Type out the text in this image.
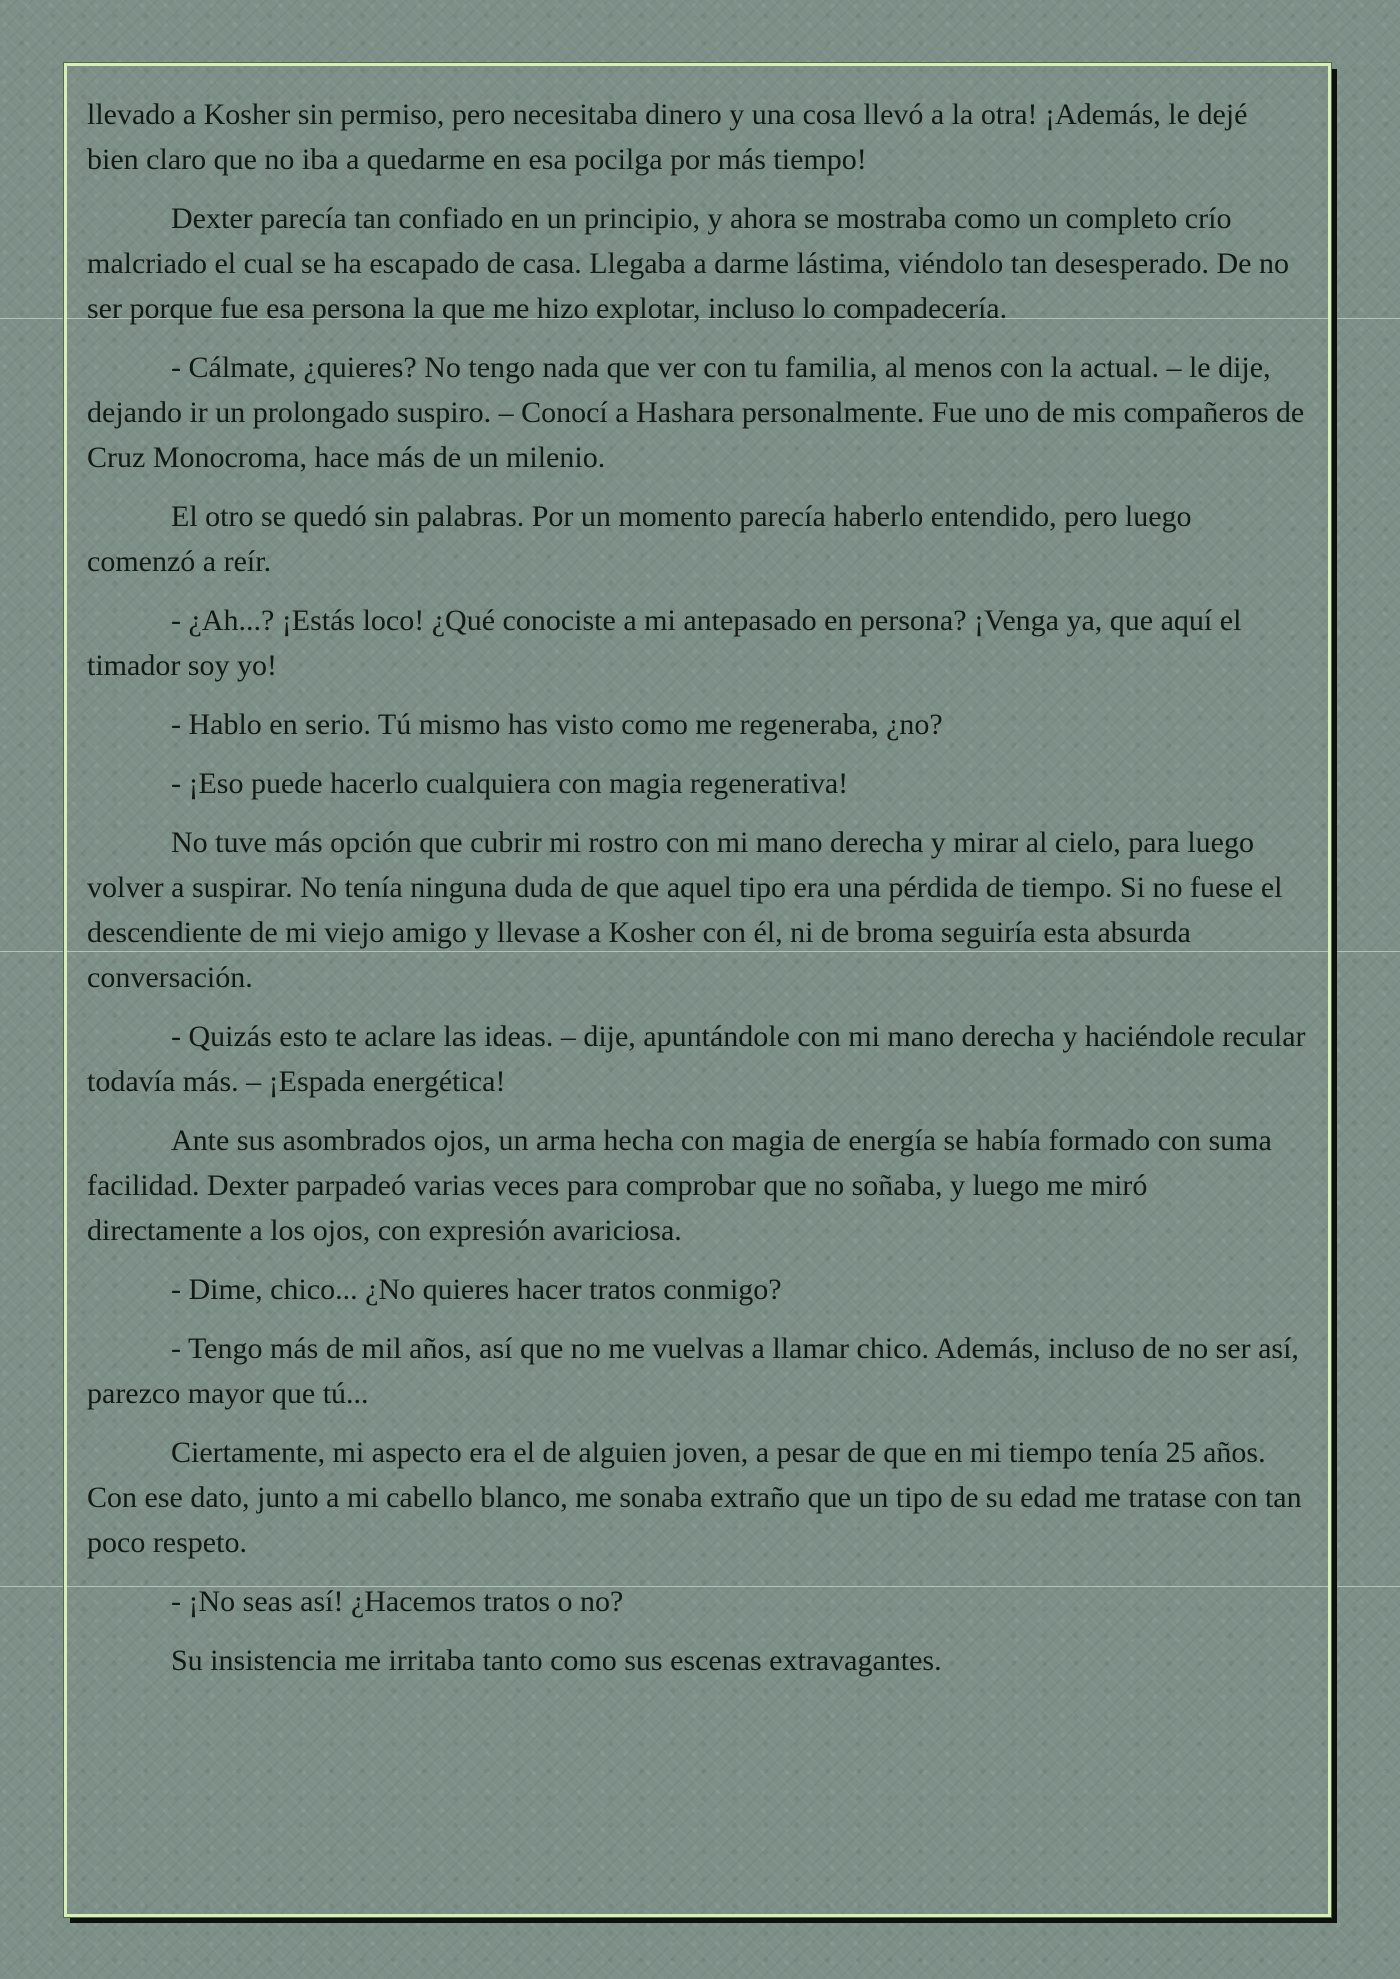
llevado a Kosher sin permiso, pero necesitaba dinero y una cosa llevó a la otra! ¡Además, le dejé bien claro que no iba a quedarme en esa pocilga por más tiempo!

Dexter parecía tan confiado en un principio, y ahora se mostraba como un completo crío malcriado el cual se ha escapado de casa. Llegaba a darme lástima, viéndolo tan desesperado. De no ser porque fue esa persona la que me hizo explotar, incluso lo compadecería.

- Cálmate, ¿quieres? No tengo nada que ver con tu familia, al menos con la actual. – le dije, dejando ir un prolongado suspiro. – Conocí a Hashara personalmente. Fue uno de mis compañeros de Cruz Monocroma, hace más de un milenio.

El otro se quedó sin palabras. Por un momento parecía haberlo entendido, pero luego comenzó a reír.

- ¿Ah...? ¡Estás loco! ¿Qué conociste a mi antepasado en persona? ¡Venga ya, que aquí el timador soy yo!

- Hablo en serio. Tú mismo has visto como me regeneraba, ¿no?

- ¡Eso puede hacerlo cualquiera con magia regenerativa!

No tuve más opción que cubrir mi rostro con mi mano derecha y mirar al cielo, para luego volver a suspirar. No tenía ninguna duda de que aquel tipo era una pérdida de tiempo. Si no fuese el descendiente de mi viejo amigo y llevase a Kosher con él, ni de broma seguiría esta absurda conversación.

- Quizás esto te aclare las ideas. – dije, apuntándole con mi mano derecha y haciéndole recular todavía más. – ¡Espada energética!

Ante sus asombrados ojos, un arma hecha con magia de energía se había formado con suma facilidad. Dexter parpadeó varias veces para comprobar que no soñaba, y luego me miró directamente a los ojos, con expresión avariciosa.

- Dime, chico... ¿No quieres hacer tratos conmigo?

- Tengo más de mil años, así que no me vuelvas a llamar chico. Además, incluso de no ser así, parezco mayor que tú...

Ciertamente, mi aspecto era el de alguien joven, a pesar de que en mi tiempo tenía 25 años. Con ese dato, junto a mi cabello blanco, me sonaba extraño que un tipo de su edad me tratase con tan poco respeto.

- ¡No seas así! ¿Hacemos tratos o no?

Su insistencia me irritaba tanto como sus escenas extravagantes.
